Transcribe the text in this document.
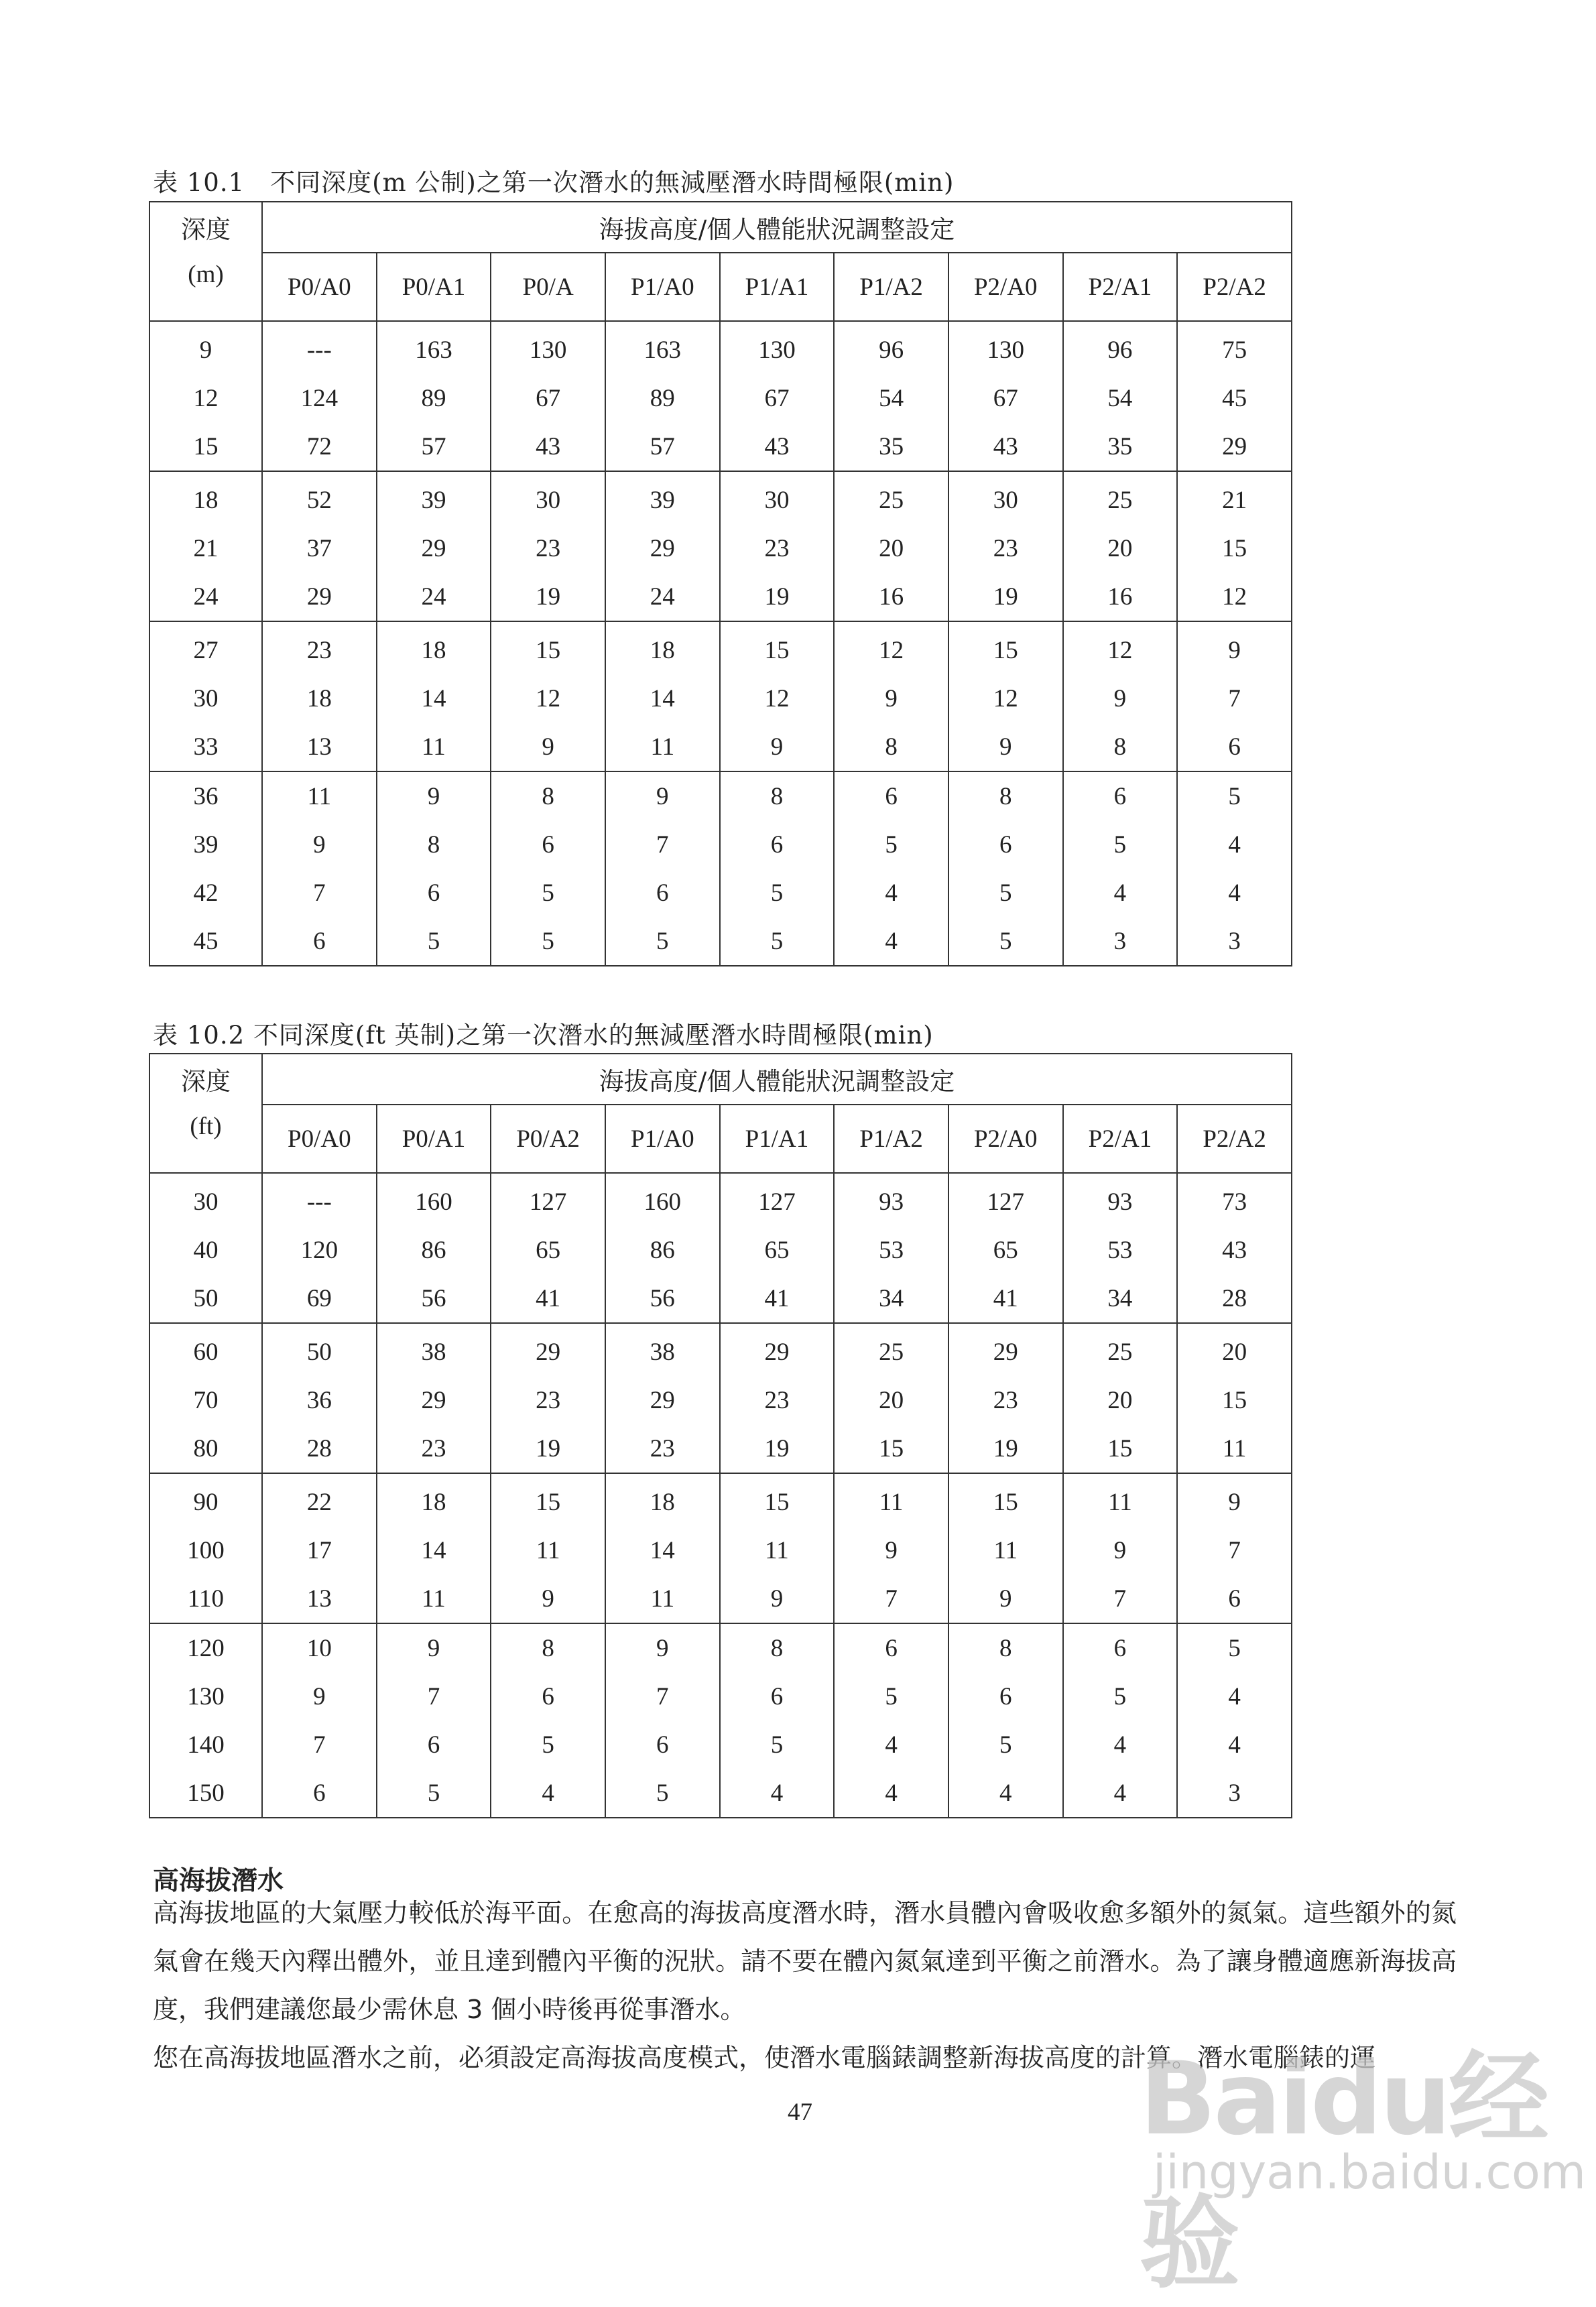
表 10.1　不同深度(m 公制)之第一次潛水的無減壓潛水時間極限(min)
深度
(m)	海拔高度/個人體能狀況調整設定								
	P0/A0	P0/A1	P0/A	P1/A0	P1/A1	P1/A2	P2/A0	P2/A1	P2/A2
9	---	163	130	163	130	96	130	96	75
12	124	89	67	89	67	54	67	54	45
15	72	57	43	57	43	35	43	35	29
18	52	39	30	39	30	25	30	25	21
21	37	29	23	29	23	20	23	20	15
24	29	24	19	24	19	16	19	16	12
27	23	18	15	18	15	12	15	12	9
30	18	14	12	14	12	9	12	9	7
33	13	11	9	11	9	8	9	8	6
36	11	9	8	9	8	6	8	6	5
39	9	8	6	7	6	5	6	5	4
42	7	6	5	6	5	4	5	4	4
45	6	5	5	5	5	4	5	3	3
表 10.2 不同深度(ft 英制)之第一次潛水的無減壓潛水時間極限(min)
深度
(ft)	海拔高度/個人體能狀況調整設定								
	P0/A0	P0/A1	P0/A2	P1/A0	P1/A1	P1/A2	P2/A0	P2/A1	P2/A2
30	---	160	127	160	127	93	127	93	73
40	120	86	65	86	65	53	65	53	43
50	69	56	41	56	41	34	41	34	28
60	50	38	29	38	29	25	29	25	20
70	36	29	23	29	23	20	23	20	15
80	28	23	19	23	19	15	19	15	11
90	22	18	15	18	15	11	15	11	9
100	17	14	11	14	11	9	11	9	7
110	13	11	9	11	9	7	9	7	6
120	10	9	8	9	8	6	8	6	5
130	9	7	6	7	6	5	6	5	4
140	7	6	5	6	5	4	5	4	4
150	6	5	4	5	4	4	4	4	3
高海拔潛水
高海拔地區的大氣壓力較低於海平面。在愈高的海拔高度潛水時，潛水員體內會吸收愈多額外的氮氣。這些額外的氮氣會在幾天內釋出體外，並且達到體內平衡的況狀。請不要在體內氮氣達到平衡之前潛水。為了讓身體適應新海拔高度，我們建議您最少需休息 3 個小時後再從事潛水。
您在高海拔地區潛水之前，必須設定高海拔高度模式，使潛水電腦錶調整新海拔高度的計算。潛水電腦錶的運
47	Baidu经验
jingyan.baidu.com
